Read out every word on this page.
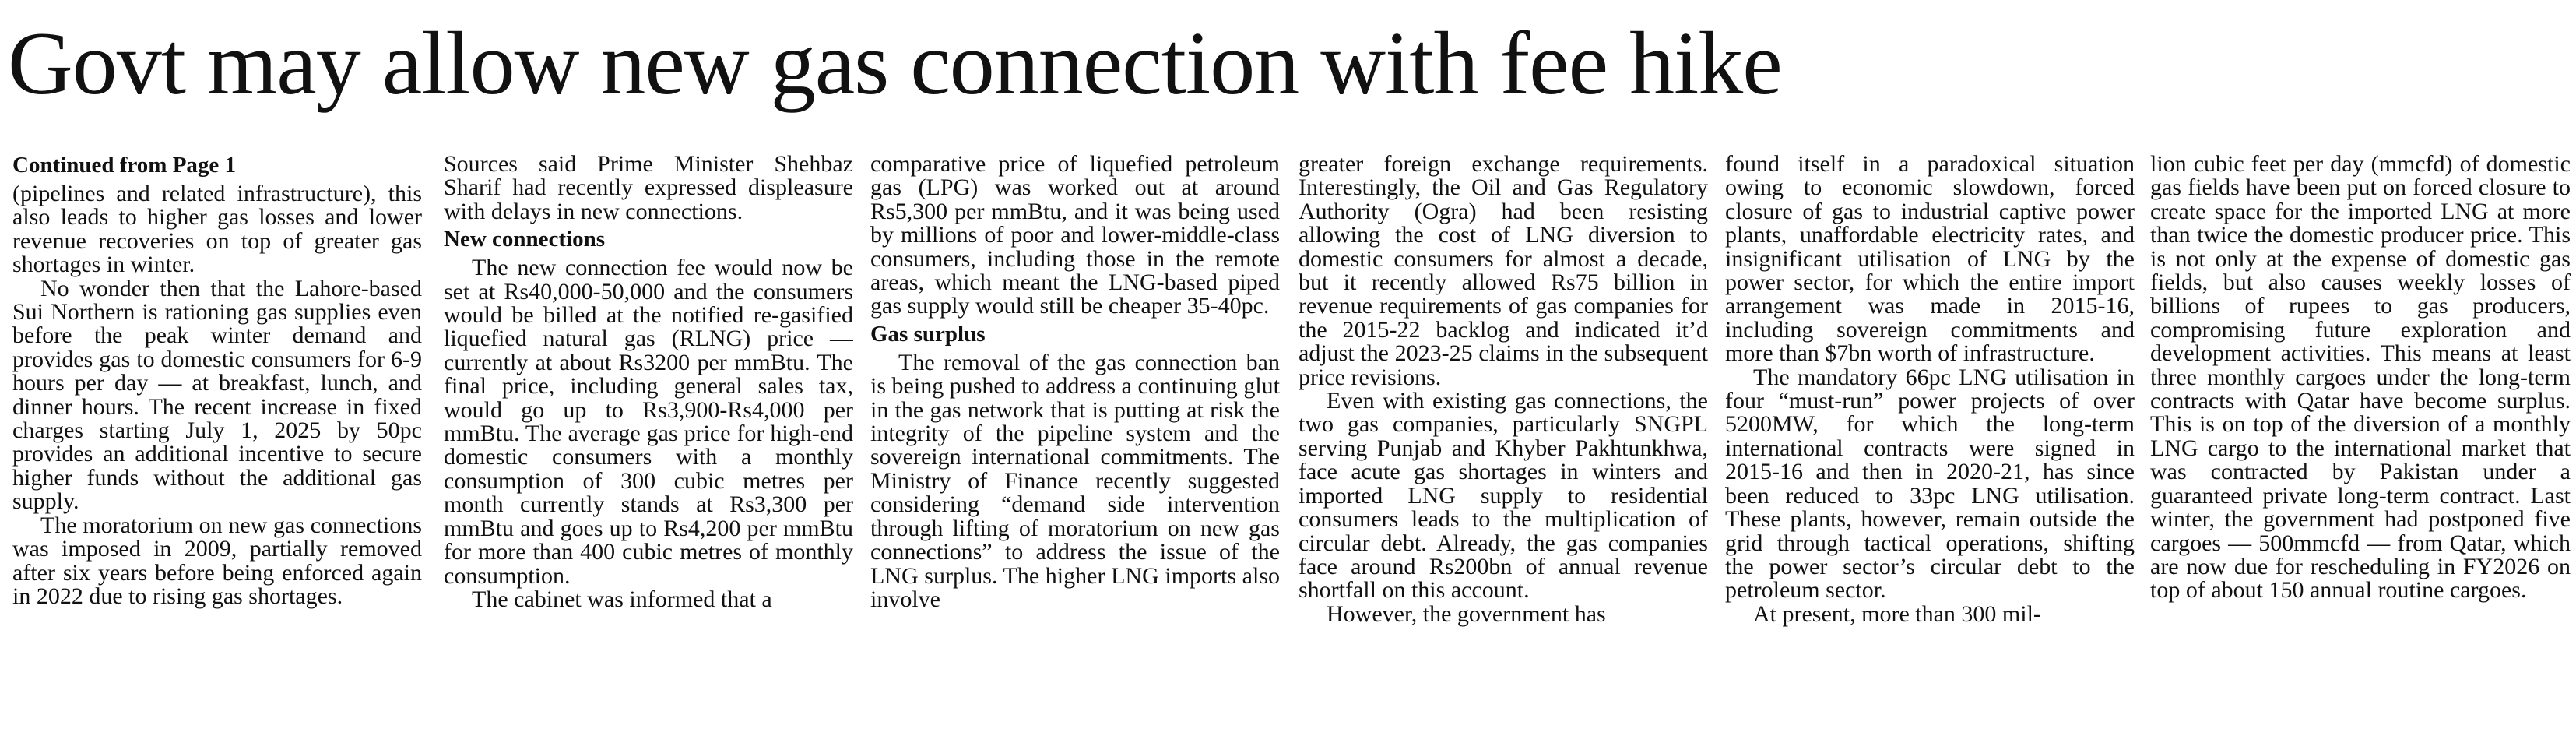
Govt may allow new gas connection with fee hike
Continued from Page 1

(pipelines and related infrastructure), this also leads to higher gas losses and lower revenue recoveries on top of greater gas shortages in winter.

No wonder then that the Lahore-based Sui Northern is rationing gas supplies even before the peak winter demand and provides gas to domestic consumers for 6-9 hours per day — at breakfast, lunch, and dinner hours. The recent increase in fixed charges starting July 1, 2025 by 50pc provides an additional incentive to secure higher funds without the additional gas supply.

The moratorium on new gas connections was imposed in 2009, partially removed after six years before being enforced again in 2022 due to rising gas shortages.

Sources said Prime Minister Shehbaz Sharif had recently expressed displeasure with delays in new connections.

New connections

The new connection fee would now be set at Rs40,000-50,000 and the consumers would be billed at the notified re-gasified liquefied natural gas (RLNG) price — currently at about Rs3200 per mmBtu. The final price, including general sales tax, would go up to Rs3,900-Rs4,000 per mmBtu. The average gas price for high-end domestic consumers with a monthly consumption of 300 cubic metres per month currently stands at Rs3,300 per mmBtu and goes up to Rs4,200 per mmBtu for more than 400 cubic metres of monthly consumption.

The cabinet was informed that a

comparative price of liquefied petroleum gas (LPG) was worked out at around Rs5,300 per mmBtu, and it was being used by millions of poor and lower-middle-class consumers, including those in the remote areas, which meant the LNG-based piped gas supply would still be cheaper 35-40pc.

Gas surplus

The removal of the gas connection ban is being pushed to address a continuing glut in the gas network that is putting at risk the integrity of the pipeline system and the sovereign international commitments. The Ministry of Finance recently suggested considering “demand side intervention through lifting of moratorium on new gas connections” to address the issue of the LNG surplus. The higher LNG imports also involve

greater foreign exchange requirements. Interestingly, the Oil and Gas Regulatory Authority (Ogra) had been resisting allowing the cost of LNG diversion to domestic consumers for almost a decade, but it recently allowed Rs75 billion in revenue requirements of gas companies for the 2015-22 backlog and indicated it’d adjust the 2023-25 claims in the subsequent price revisions.

Even with existing gas connections, the two gas companies, particularly SNGPL serving Punjab and Khyber Pakhtunkhwa, face acute gas shortages in winters and imported LNG supply to residential consumers leads to the multiplication of circular debt. Already, the gas companies face around Rs200bn of annual revenue shortfall on this account.

However, the government has

found itself in a paradoxical situation owing to economic slowdown, forced closure of gas to industrial captive power plants, unaffordable electricity rates, and insignificant utilisation of LNG by the power sector, for which the entire import arrangement was made in 2015-16, including sovereign commitments and more than $7bn worth of infrastructure.

The mandatory 66pc LNG utilisation in four “must-run” power projects of over 5200MW, for which the long-term international contracts were signed in 2015-16 and then in 2020-21, has since been reduced to 33pc LNG utilisation. These plants, however, remain outside the grid through tactical operations, shifting the power sector’s circular debt to the petroleum sector.

At present, more than 300 mil-

lion cubic feet per day (mmcfd) of domestic gas fields have been put on forced closure to create space for the imported LNG at more than twice the domestic producer price. This is not only at the expense of domestic gas fields, but also causes weekly losses of billions of rupees to gas producers, compromising future exploration and development activities. This means at least three monthly cargoes under the long-term contracts with Qatar have become surplus. This is on top of the diversion of a monthly LNG cargo to the international market that was contracted by Pakistan under a guaranteed private long-term contract. Last winter, the government had postponed five cargoes — 500mmcfd — from Qatar, which are now due for rescheduling in FY2026 on top of about 150 annual routine cargoes.
